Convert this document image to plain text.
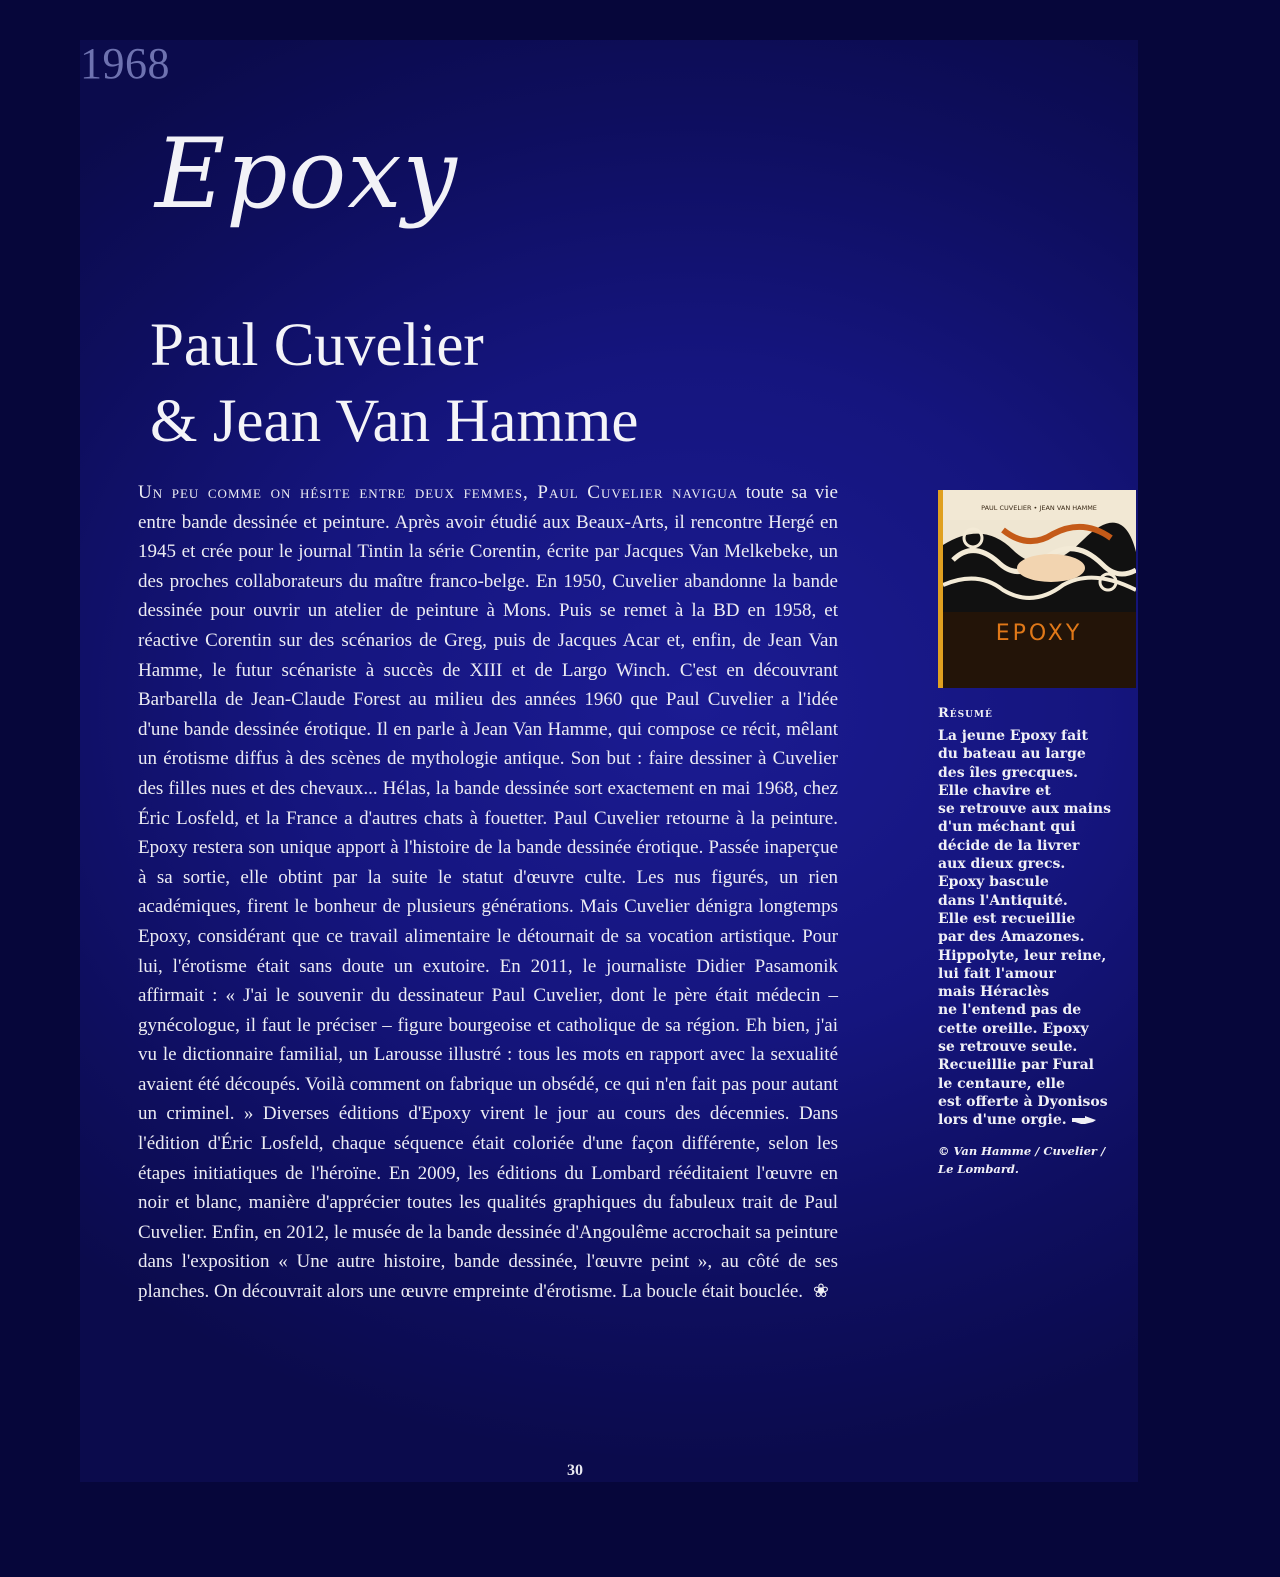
1968
Epoxy
Paul Cuvelier
& Jean Van Hamme
Un peu comme on hésite entre deux femmes, Paul Cuvelier navigua toute sa vie entre bande dessinée et peinture. Après avoir étudié aux Beaux-Arts, il rencontre Hergé en 1945 et crée pour le journal Tintin la série Corentin, écrite par Jacques Van Melkebeke, un des proches collaborateurs du maître franco-belge. En 1950, Cuvelier abandonne la bande dessinée pour ouvrir un atelier de peinture à Mons. Puis se remet à la BD en 1958, et réactive Corentin sur des scénarios de Greg, puis de Jacques Acar et, enfin, de Jean Van Hamme, le futur scénariste à succès de XIII et de Largo Winch. C'est en découvrant Barbarella de Jean-Claude Forest au milieu des années 1960 que Paul Cuvelier a l'idée d'une bande dessinée érotique. Il en parle à Jean Van Hamme, qui compose ce récit, mêlant un érotisme diffus à des scènes de mythologie antique. Son but : faire dessiner à Cuvelier des filles nues et des chevaux... Hélas, la bande dessinée sort exactement en mai 1968, chez Éric Losfeld, et la France a d'autres chats à fouetter. Paul Cuvelier retourne à la peinture. Epoxy restera son unique apport à l'histoire de la bande dessinée érotique. Passée inaperçue à sa sortie, elle obtint par la suite le statut d'œuvre culte. Les nus figurés, un rien académiques, firent le bonheur de plusieurs générations. Mais Cuvelier dénigra longtemps Epoxy, considérant que ce travail alimentaire le détournait de sa vocation artistique. Pour lui, l'érotisme était sans doute un exutoire. En 2011, le journaliste Didier Pasamonik affirmait : « J'ai le souvenir du dessinateur Paul Cuvelier, dont le père était médecin – gynécologue, il faut le préciser – figure bourgeoise et catholique de sa région. Eh bien, j'ai vu le dictionnaire familial, un Larousse illustré : tous les mots en rapport avec la sexualité avaient été découpés. Voilà comment on fabrique un obsédé, ce qui n'en fait pas pour autant un criminel. » Diverses éditions d'Epoxy virent le jour au cours des décennies. Dans l'édition d'Éric Losfeld, chaque séquence était coloriée d'une façon différente, selon les étapes initiatiques de l'héroïne. En 2009, les éditions du Lombard rééditaient l'œuvre en noir et blanc, manière d'apprécier toutes les qualités graphiques du fabuleux trait de Paul Cuvelier. Enfin, en 2012, le musée de la bande dessinée d'Angoulême accrochait sa peinture dans l'exposition « Une autre histoire, bande dessinée, l'œuvre peint », au côté de ses planches. On découvrait alors une œuvre empreinte d'érotisme. La boucle était bouclée. ❀
PAUL CUVELIER • JEAN VAN HAMME
EPOXY
Résumé
La jeune Epoxy fait
du bateau au large
des îles grecques.
Elle chavire et
se retrouve aux mains
d'un méchant qui
décide de la livrer
aux dieux grecs.
Epoxy bascule
dans l'Antiquité.
Elle est recueillie
par des Amazones.
Hippolyte, leur reine,
lui fait l'amour
mais Héraclès
ne l'entend pas de
cette oreille. Epoxy
se retrouve seule.
Recueillie par Fural
le centaure, elle
est offerte à Dyonisos
lors d'une orgie.
© Van Hamme / Cuvelier /
Le Lombard.
30
